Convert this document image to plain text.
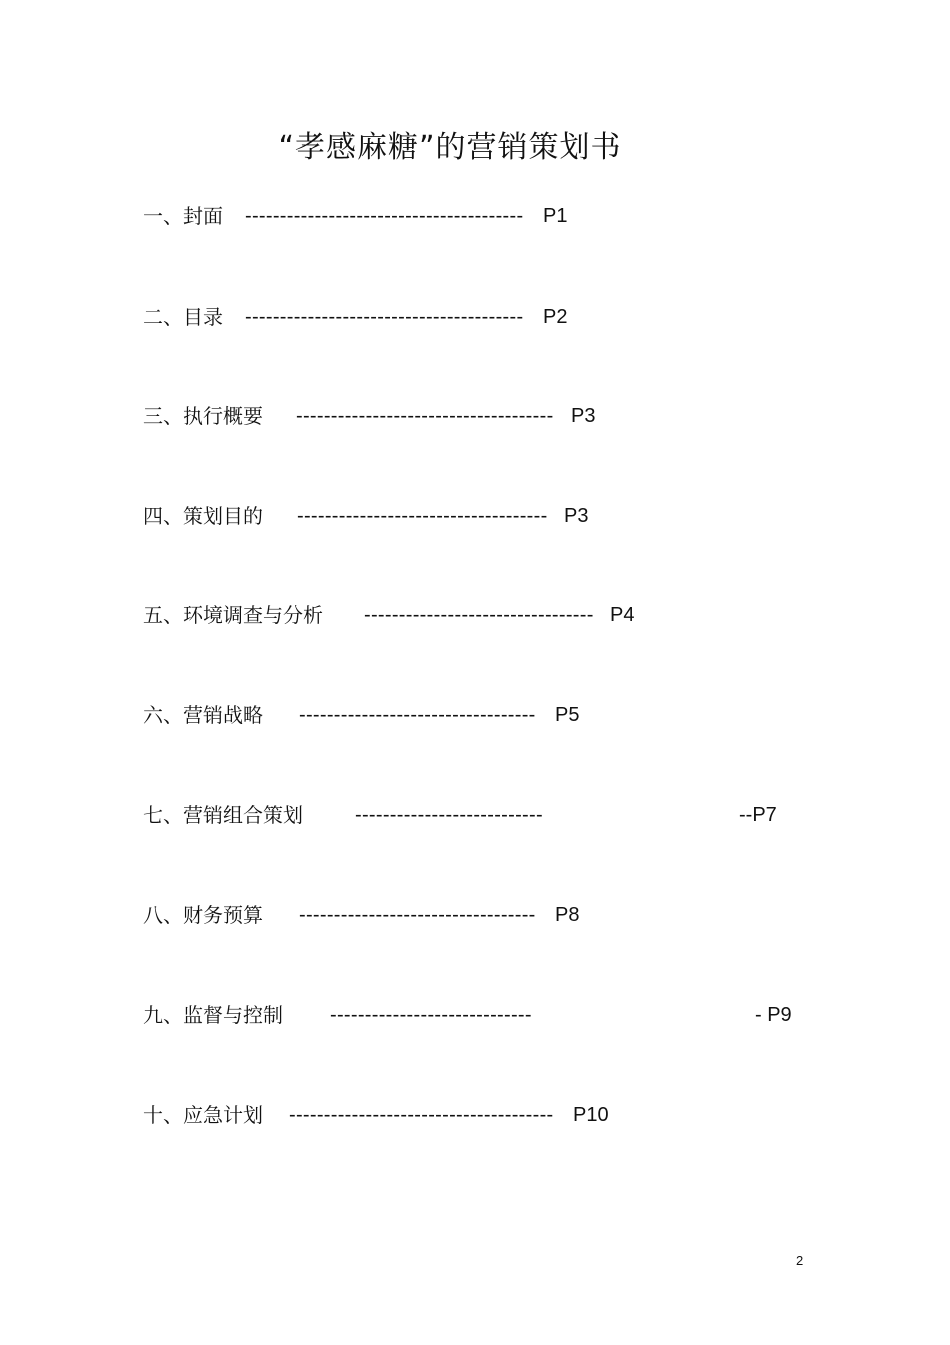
“孝感麻糖”的营销策划书
一、封面 ---------------------------------------- P1
二、目录 ---------------------------------------- P2
三、执行概要 ------------------------------------- P3
四、策划目的 ------------------------------------ P3
五、环境调查与分析 --------------------------------- P4
六、营销战略 ---------------------------------- P5
七、营销组合策划	---------------------------	--P7
八、财务预算 ---------------------------------- P8
九、监督与控制 -----------------------------	- P9
十、应急计划 -------------------------------------- P10
2
